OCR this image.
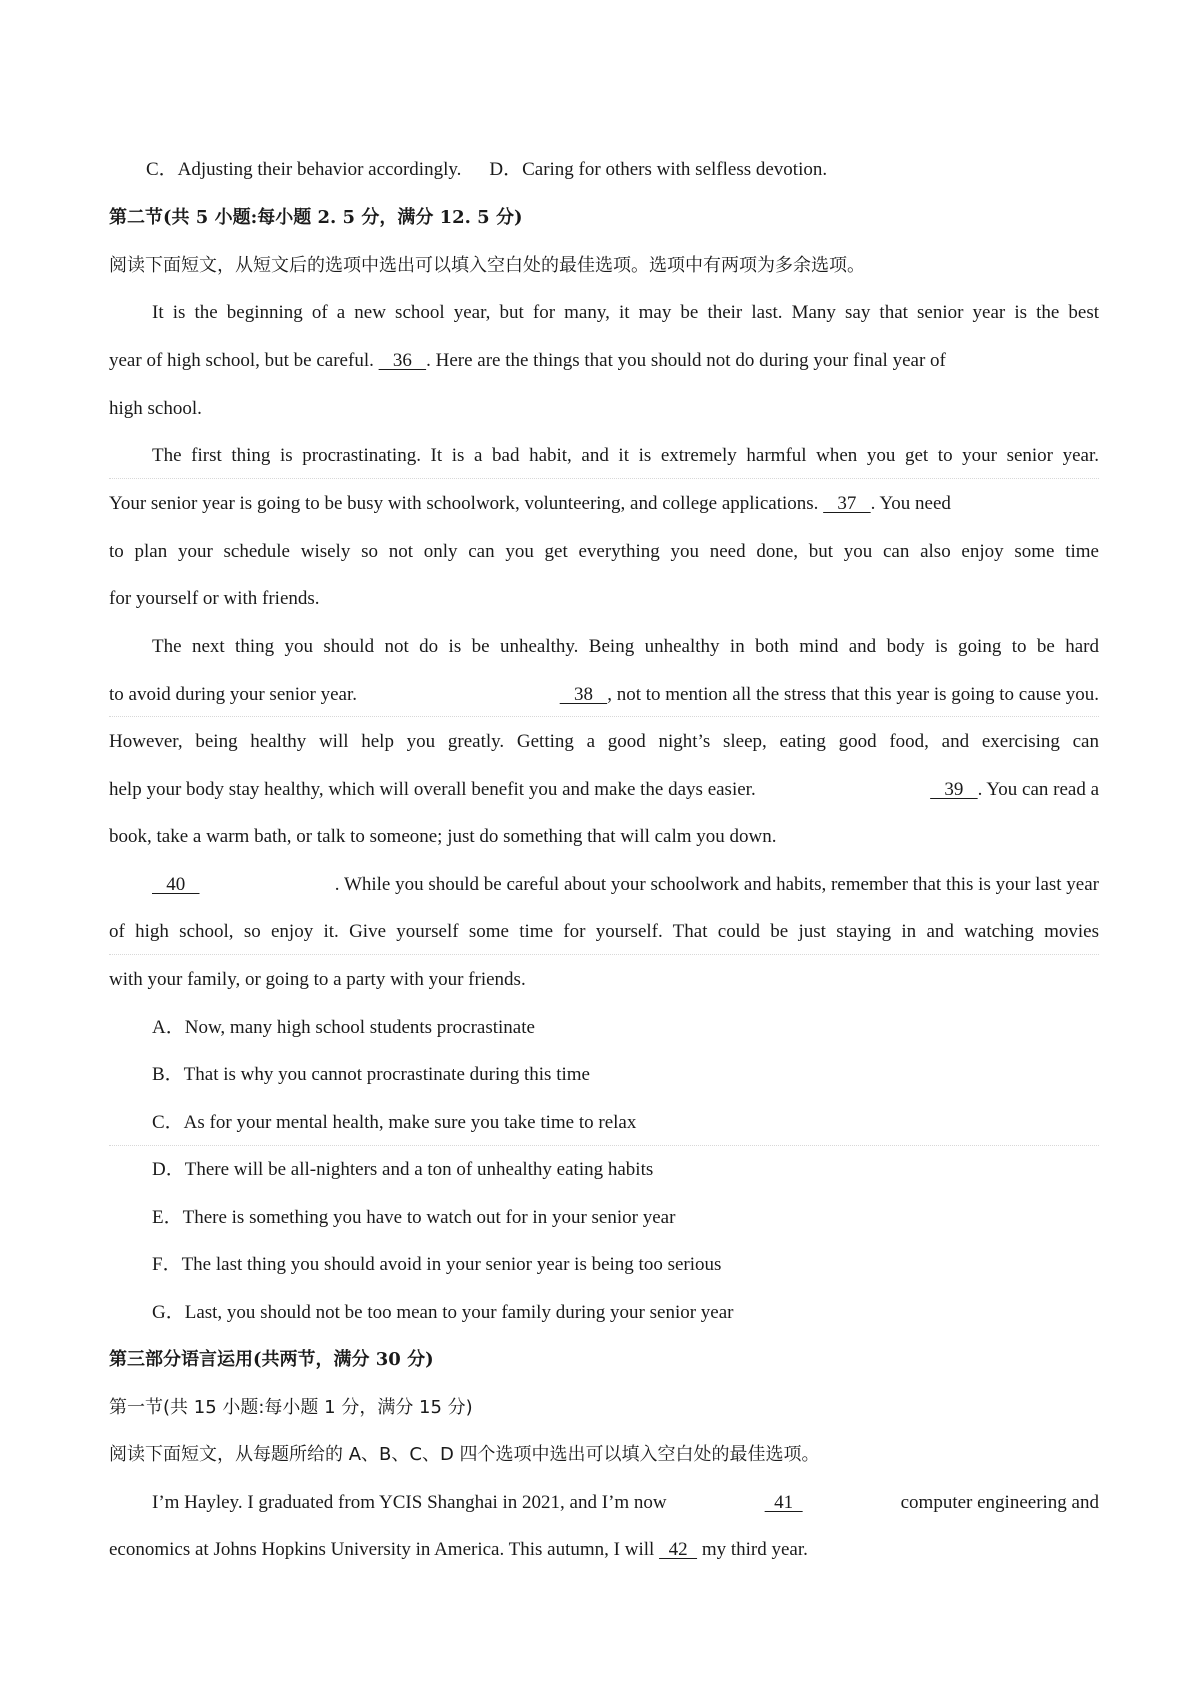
C．Adjusting their behavior accordingly. D．Caring for others with selfless devotion.
第二节(共 5 小题:每小题 2. 5 分，满分 12. 5 分)
阅读下面短文，从短文后的选项中选出可以填入空白处的最佳选项。选项中有两项为多余选项。
It is the beginning of a new school year, but for many, it may be their last. Many say that senior year is the best
year of high school, but be careful.    36   . Here are the things that you should not do during your final year of
high school.
The first thing is procrastinating. It is a bad habit, and it is extremely harmful when you get to your senior year.
Your senior year is going to be busy with schoolwork, volunteering, and college applications.    37   . You need
to plan your schedule wisely so not only can you get everything you need done, but you can also enjoy some time
for yourself or with friends.
The next thing you should not do is be unhealthy. Being unhealthy in both mind and body is going to be hard
to avoid during your senior year.	38   , not to mention all the stress that this year is going to cause you.
However, being healthy will help you greatly. Getting a good night’s sleep, eating good food, and exercising can
help your body stay healthy, which will overall benefit you and make the days easier.	39   . You can read a
book, take a warm bath, or talk to someone; just do something that will calm you down.
40	. While you should be careful about your schoolwork and habits, remember that this is your last year
of high school, so enjoy it. Give yourself some time for yourself. That could be just staying in and watching movies
with your family, or going to a party with your friends.
A．Now, many high school students procrastinate
B．That is why you cannot procrastinate during this time
C．As for your mental health, make sure you take time to relax
D．There will be all-nighters and a ton of unhealthy eating habits
E．There is something you have to watch out for in your senior year
F．The last thing you should avoid in your senior year is being too serious
G．Last, you should not be too mean to your family during your senior year
第三部分语言运用(共两节，满分 30 分)
第一节(共 15 小题:每小题 1 分，满分 15 分)
阅读下面短文，从每题所给的 A、B、C、D 四个选项中选出可以填入空白处的最佳选项。
I’m Hayley. I graduated from YCIS Shanghai in 2021, and I’m now	41	computer engineering and
economics at Johns Hopkins University in America. This autumn, I will   42   my third year.
